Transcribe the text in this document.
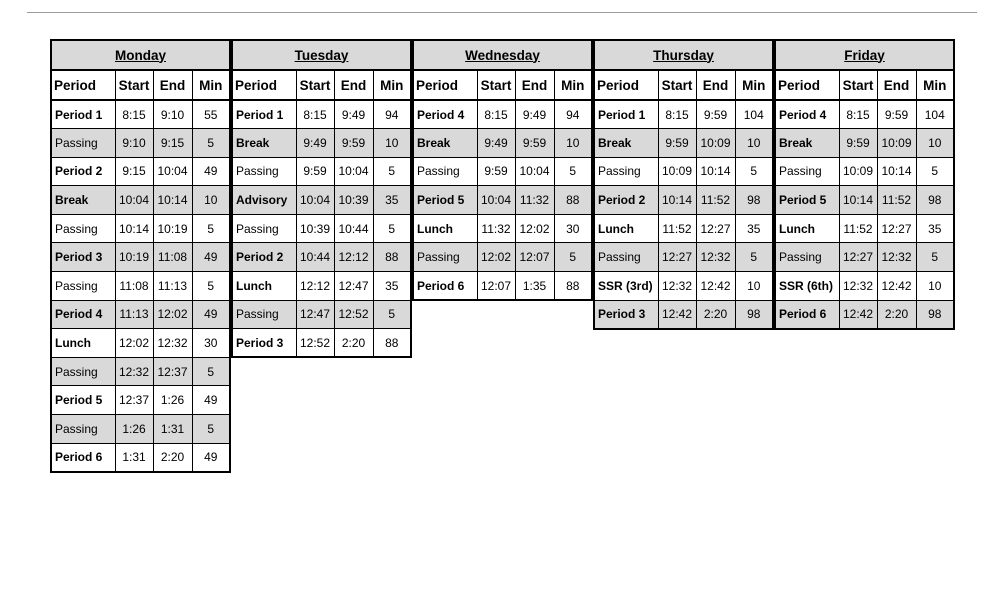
Monday			
Period	Start	End	Min
Period 1	8:15	9:10	55
Passing	9:10	9:15	5
Period 2	9:15	10:04	49
Break	10:04	10:14	10
Passing	10:14	10:19	5
Period 3	10:19	11:08	49
Passing	11:08	11:13	5
Period 4	11:13	12:02	49
Lunch	12:02	12:32	30
Passing	12:32	12:37	5
Period 5	12:37	1:26	49
Passing	1:26	1:31	5
Period 6	1:31	2:20	49
Tuesday			
Period	Start	End	Min
Period 1	8:15	9:49	94
Break	9:49	9:59	10
Passing	9:59	10:04	5
Advisory	10:04	10:39	35
Passing	10:39	10:44	5
Period 2	10:44	12:12	88
Lunch	12:12	12:47	35
Passing	12:47	12:52	5
Period 3	12:52	2:20	88
Wednesday			
Period	Start	End	Min
Period 4	8:15	9:49	94
Break	9:49	9:59	10
Passing	9:59	10:04	5
Period 5	10:04	11:32	88
Lunch	11:32	12:02	30
Passing	12:02	12:07	5
Period 6	12:07	1:35	88
Thursday			
Period	Start	End	Min
Period 1	8:15	9:59	104
Break	9:59	10:09	10
Passing	10:09	10:14	5
Period 2	10:14	11:52	98
Lunch	11:52	12:27	35
Passing	12:27	12:32	5
SSR (3rd)	12:32	12:42	10
Period 3	12:42	2:20	98
Friday			
Period	Start	End	Min
Period 4	8:15	9:59	104
Break	9:59	10:09	10
Passing	10:09	10:14	5
Period 5	10:14	11:52	98
Lunch	11:52	12:27	35
Passing	12:27	12:32	5
SSR (6th)	12:32	12:42	10
Period 6	12:42	2:20	98
